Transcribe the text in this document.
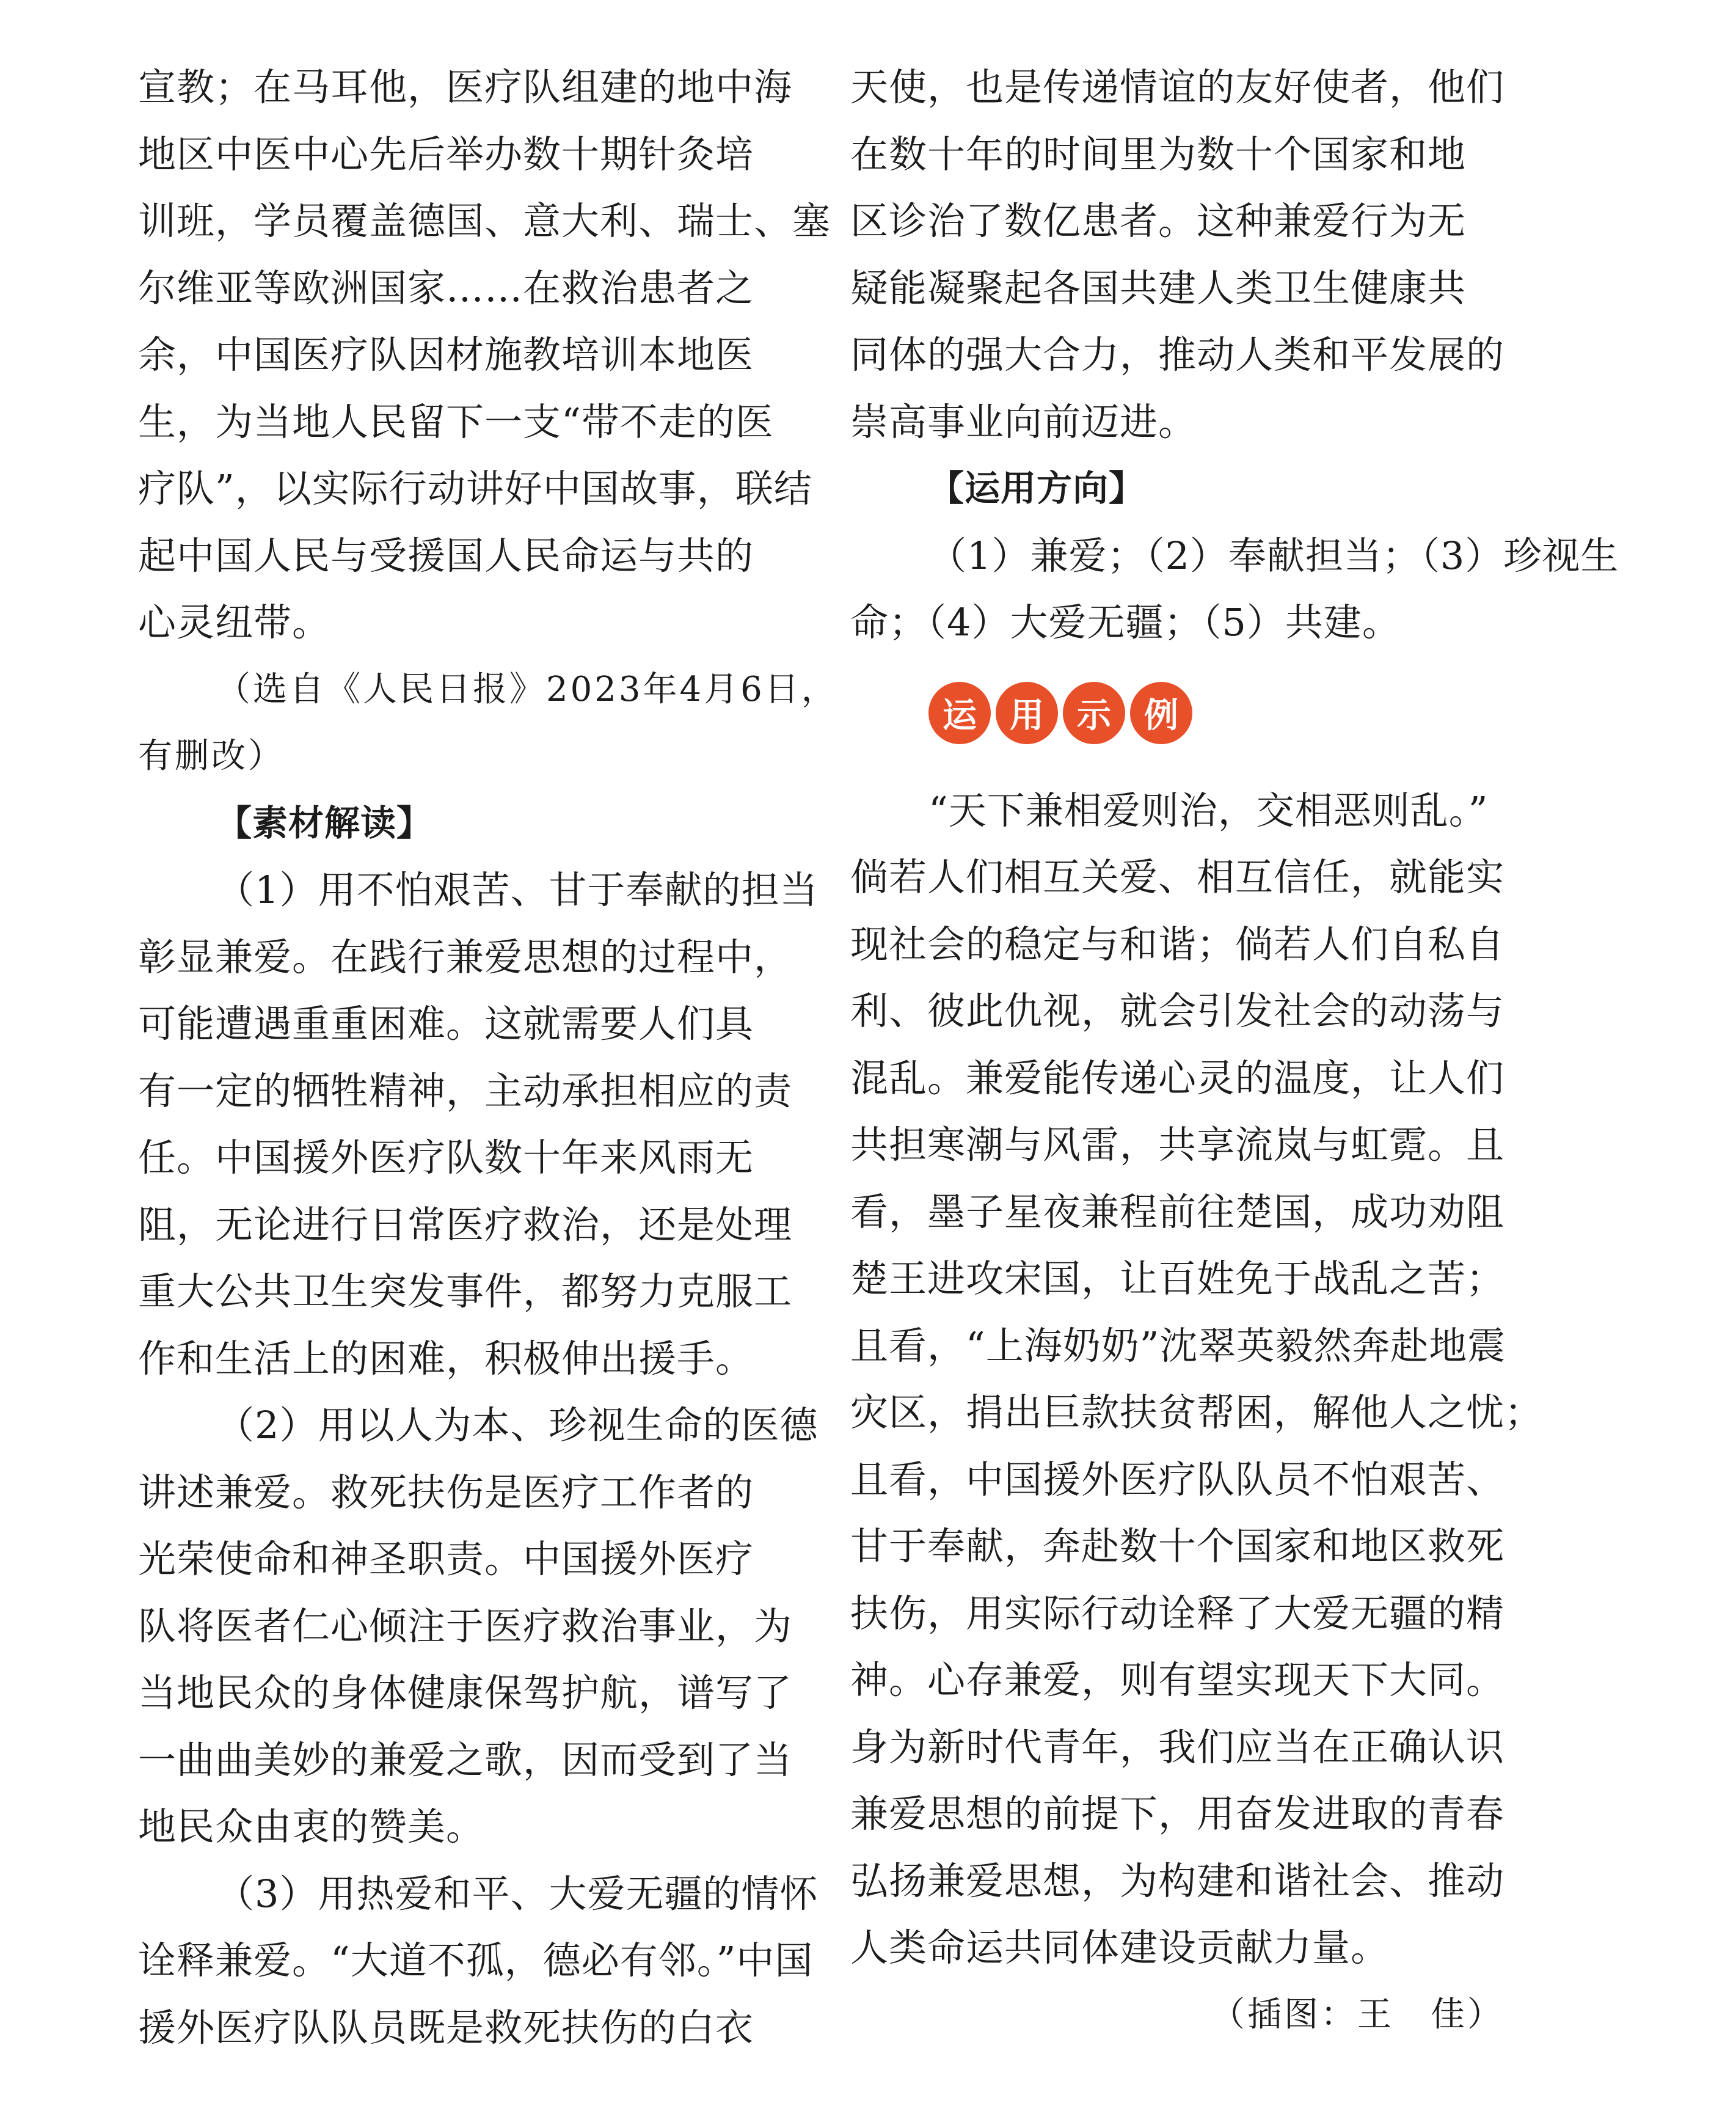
宣教；在马耳他，医疗队组建的地中海
地区中医中心先后举办数十期针灸培
训班，学员覆盖德国、意大利、瑞士、塞
尔维亚等欧洲国家……在救治患者之
余，中国医疗队因材施教培训本地医
生，为当地人民留下一支“带不走的医
疗队”，以实际行动讲好中国故事，联结
起中国人民与受援国人民命运与共的
心灵纽带。
（选自《人民日报》2023年4月6日，
有删改）
【素材解读】
（1）用不怕艰苦、甘于奉献的担当
彰显兼爱。在践行兼爱思想的过程中，
可能遭遇重重困难。这就需要人们具
有一定的牺牲精神，主动承担相应的责
任。中国援外医疗队数十年来风雨无
阻，无论进行日常医疗救治，还是处理
重大公共卫生突发事件，都努力克服工
作和生活上的困难，积极伸出援手。
（2）用以人为本、珍视生命的医德
讲述兼爱。救死扶伤是医疗工作者的
光荣使命和神圣职责。中国援外医疗
队将医者仁心倾注于医疗救治事业，为
当地民众的身体健康保驾护航，谱写了
一曲曲美妙的兼爱之歌，因而受到了当
地民众由衷的赞美。
（3）用热爱和平、大爱无疆的情怀
诠释兼爱。“大道不孤，德必有邻。”中国
援外医疗队队员既是救死扶伤的白衣
天使，也是传递情谊的友好使者，他们
在数十年的时间里为数十个国家和地
区诊治了数亿患者。这种兼爱行为无
疑能凝聚起各国共建人类卫生健康共
同体的强大合力，推动人类和平发展的
崇高事业向前迈进。
【运用方向】
（1）兼爱；（2）奉献担当；（3）珍视生
命；（4）大爱无疆；（5）共建。
运 用 示 例
“天下兼相爱则治，交相恶则乱。”
倘若人们相互关爱、相互信任，就能实
现社会的稳定与和谐；倘若人们自私自
利、彼此仇视，就会引发社会的动荡与
混乱。兼爱能传递心灵的温度，让人们
共担寒潮与风雷，共享流岚与虹霓。且
看，墨子星夜兼程前往楚国，成功劝阻
楚王进攻宋国，让百姓免于战乱之苦；
且看，“上海奶奶”沈翠英毅然奔赴地震
灾区，捐出巨款扶贫帮困，解他人之忧；
且看，中国援外医疗队队员不怕艰苦、
甘于奉献，奔赴数十个国家和地区救死
扶伤，用实际行动诠释了大爱无疆的精
神。心存兼爱，则有望实现天下大同。
身为新时代青年，我们应当在正确认识
兼爱思想的前提下，用奋发进取的青春
弘扬兼爱思想，为构建和谐社会、推动
人类命运共同体建设贡献力量。
（插图：王　佳）
